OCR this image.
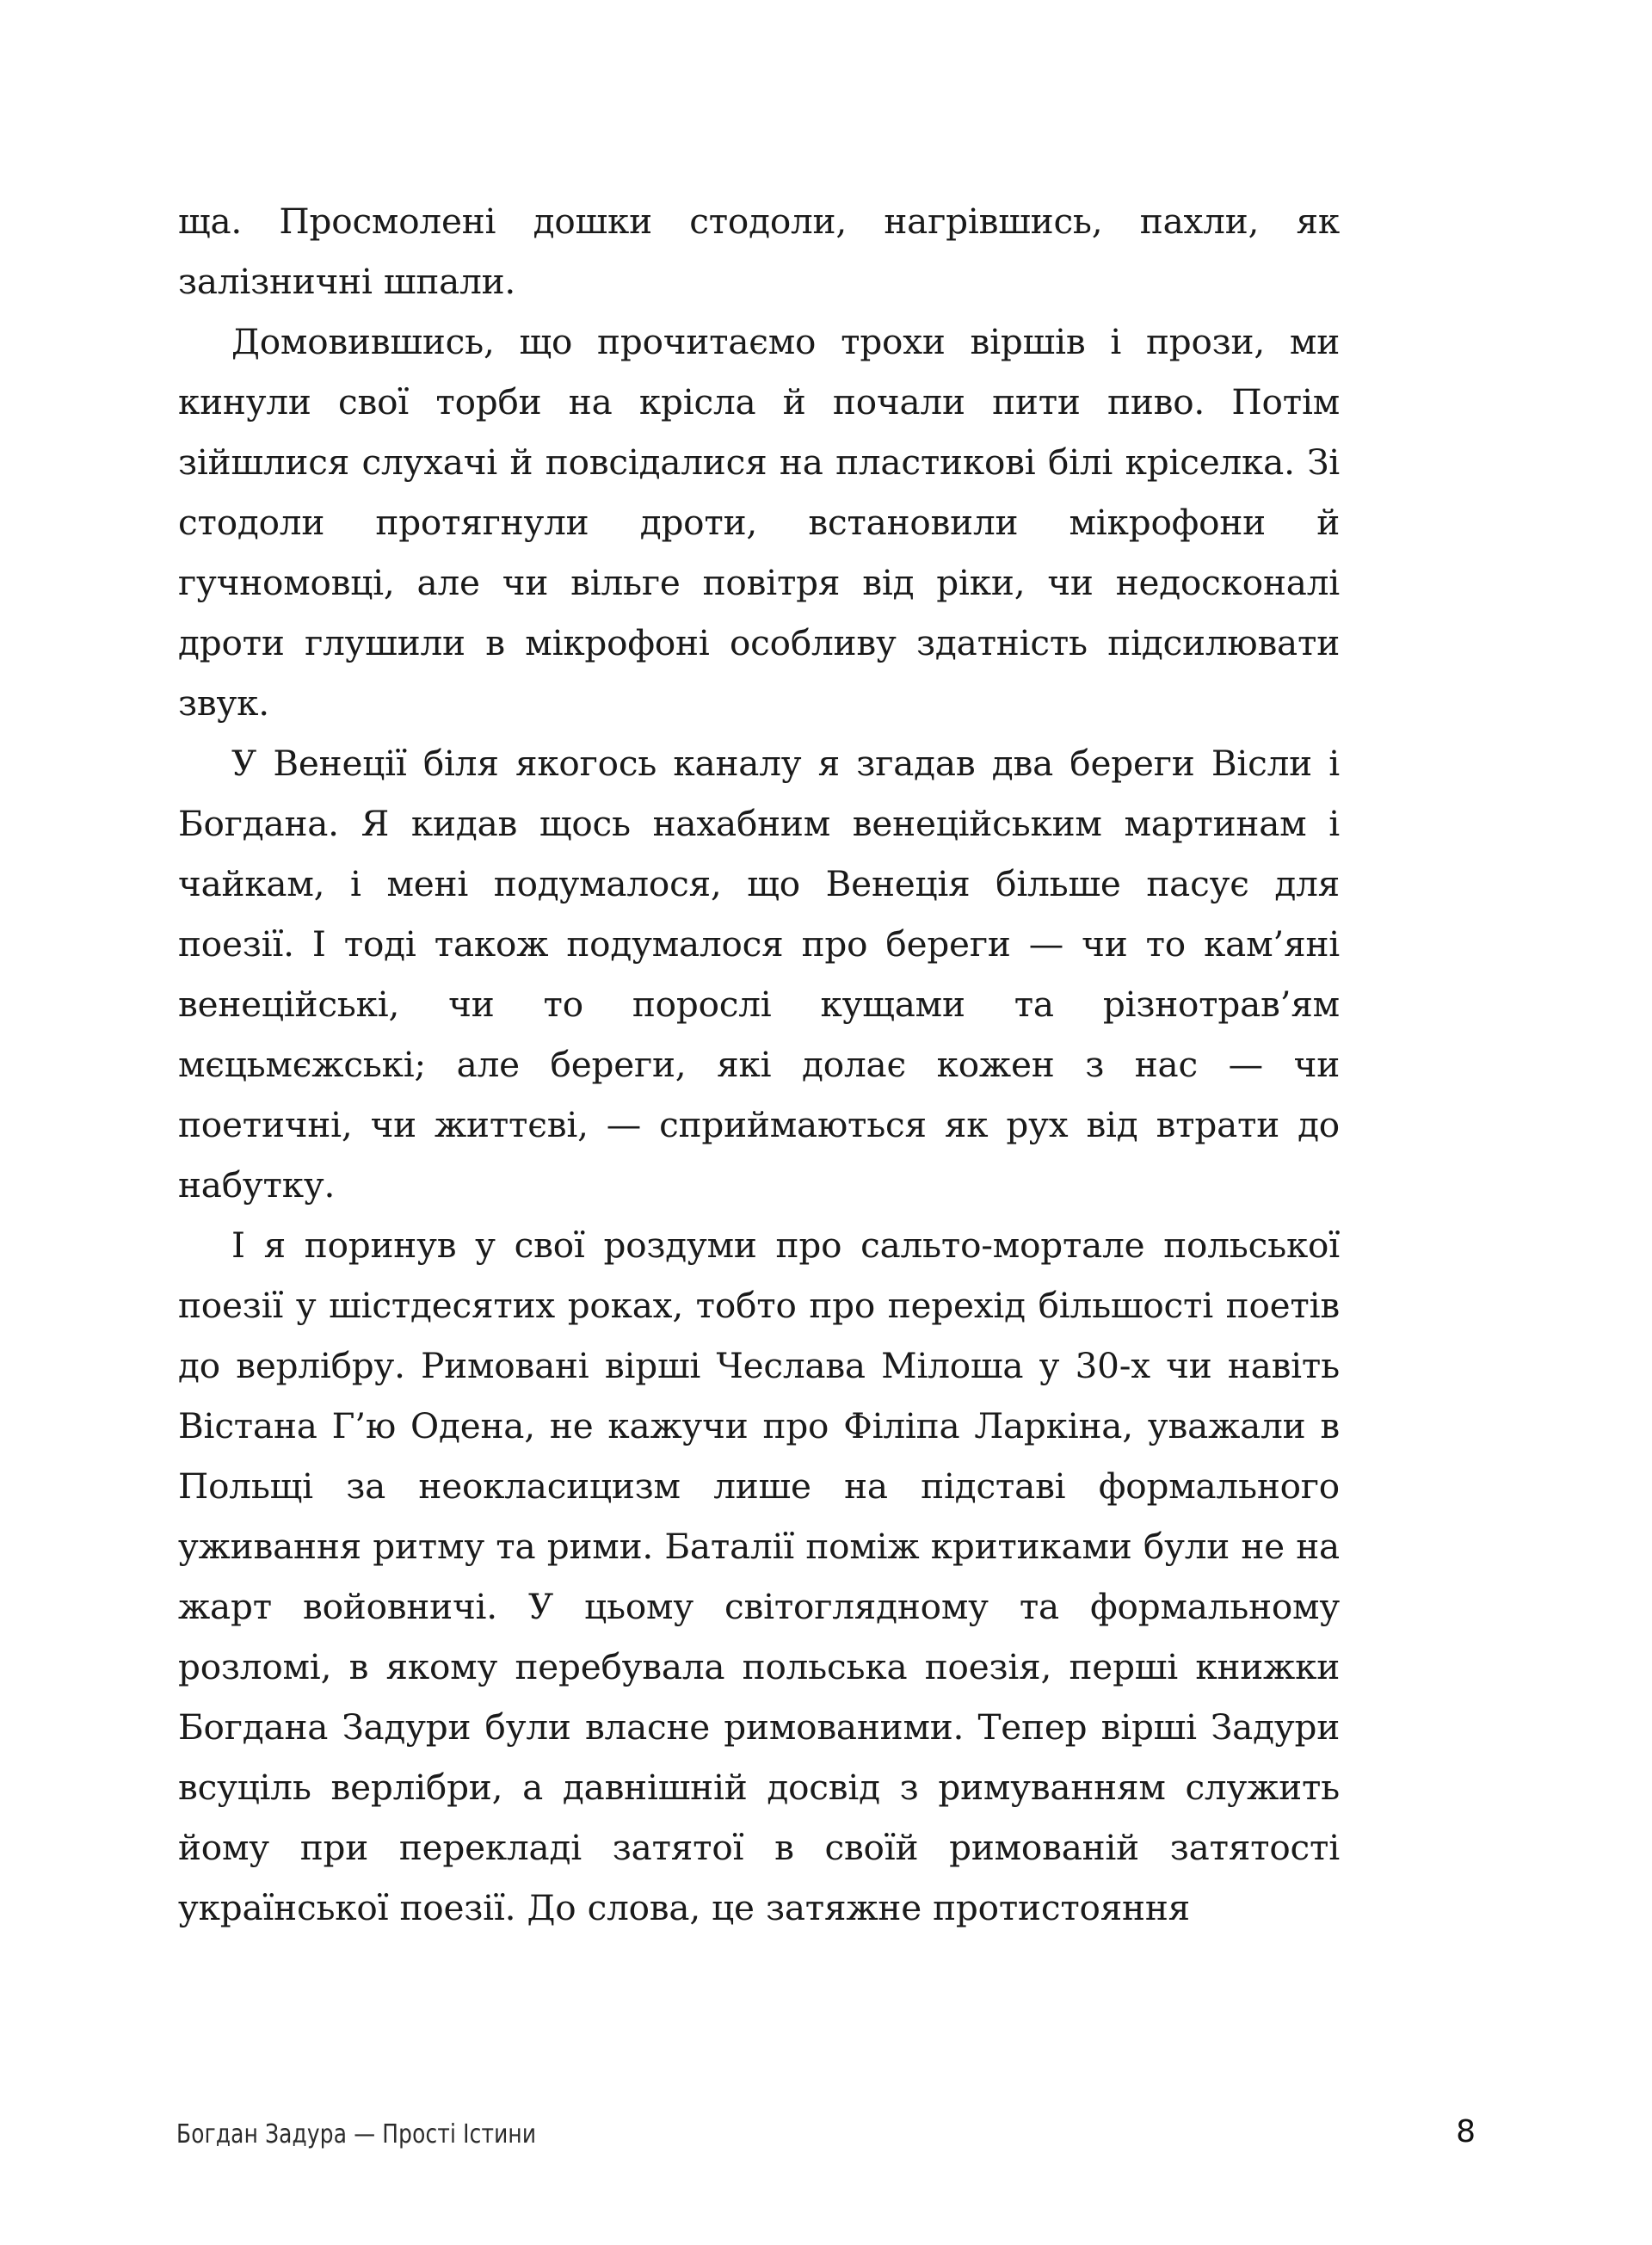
ща. Просмолені дошки стодоли, нагрівшись, пахли, як залізничні шпали.

Домовившись, що прочитаємо трохи віршів і прози, ми кинули свої торби на крісла й почали пити пиво. Потім зійшлися слухачі й повсідалися на пластикові білі кріселка. Зі стодоли протягнули дроти, встановили мікрофони й гучномовці, але чи вільге повітря від ріки, чи недосконалі дроти глушили в мікрофоні особливу здатність підсилювати звук.

У Венеції біля якогось каналу я згадав два береги Вісли і Богдана. Я кидав щось нахабним венеційським мартинам і чайкам, і мені подумалося, що Венеція більше пасує для поезії. І тоді також подумалося про береги — чи то кам’яні венеційські, чи то порослі кущами та різнотрав’ям мєцьмєжські; але береги, які долає кожен з нас — чи поетичні, чи життєві, — сприймаються як рух від втрати до набутку.

І я поринув у свої роздуми про сальто-мортале польської поезії у шістдесятих роках, тобто про перехід більшості поетів до верлібру. Римовані вірші Чеслава Мілоша у 30-х чи навіть Вістана Г’ю Одена, не кажучи про Філіпа Ларкіна, уважали в Польщі за неокласицизм лише на підставі формального уживання ритму та рими. Баталії поміж критиками були не на жарт войовничі. У цьому світоглядному та формальному розломі, в якому перебувала польська поезія, перші книжки Богдана Задури були власне римованими. Тепер вірші Задури всуціль верлібри, а давнішній досвід з римуванням служить йому при перекладі затятої в своїй римованій затятості української поезії. До слова, це затяжне протистояння

Богдан Задура — Прості Істини	8
